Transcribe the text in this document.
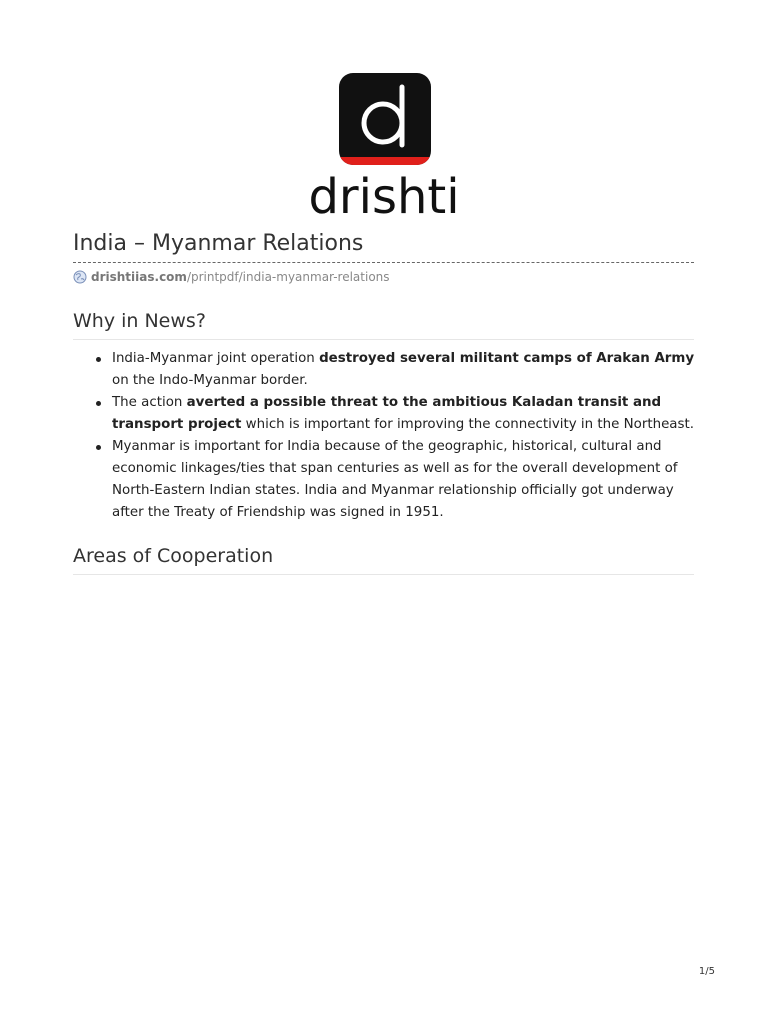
drishti
India – Myanmar Relations
drishtiias.com /printpdf/india-myanmar-relations
Why in News?
India-Myanmar joint operation destroyed several militant camps of Arakan Army on the Indo-Myanmar border.
The action averted a possible threat to the ambitious Kaladan transit and transport project which is important for improving the connectivity in the Northeast.
Myanmar is important for India because of the geographic, historical, cultural and economic linkages/ties that span centuries as well as for the overall development of North-Eastern Indian states. India and Myanmar relationship officially got underway after the Treaty of Friendship was signed in 1951.
Areas of Cooperation
1/5
